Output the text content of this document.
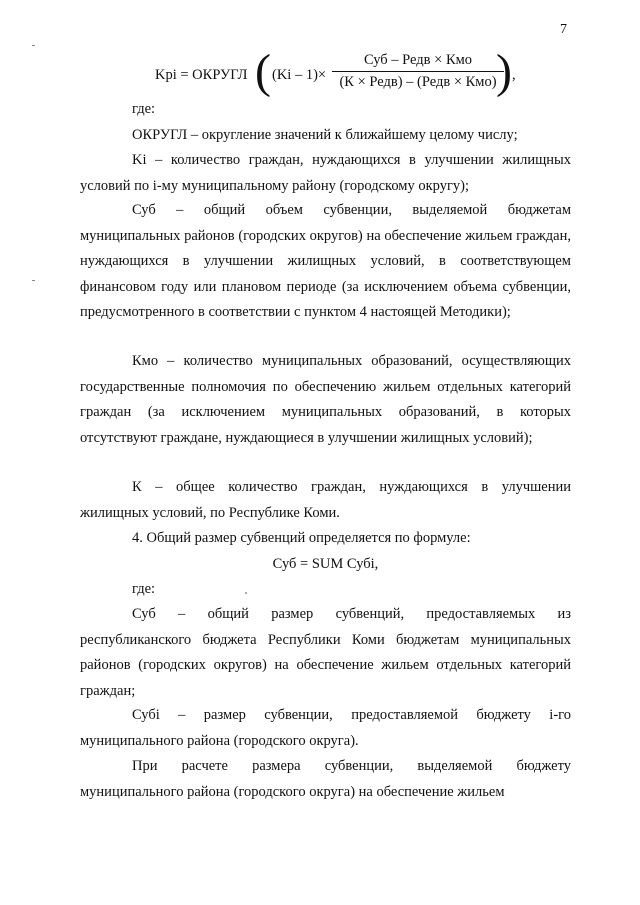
7
Kpi = ОКРУГЛ ( (Ki – 1)×
Суб – Редв × Кмо
(К × Редв) – (Редв × Кмо) ) ,

где:

ОКРУГЛ – округление значений к ближайшему целому числу;

Ki – количество граждан, нуждающихся в улучшении жилищных условий по i-му муниципальному району (городскому округу);

Суб – общий объем субвенции, выделяемой бюджетам муниципальных районов (городских округов) на обеспечение жильем граждан, нуждающихся в улучшении жилищных условий, в соответствующем финансовом году или плановом периоде (за исключением объема субвенции, предусмотренного в соответствии с пунктом 4 настоящей Методики);

Кмо – количество муниципальных образований, осуществляющих государственные полномочия по обеспечению жильем отдельных категорий граждан (за исключением муниципальных образований, в которых отсутствуют граждане, нуждающиеся в улучшении жилищных условий);

К – общее количество граждан, нуждающихся в улучшении жилищных условий, по Республике Коми.

4. Общий размер субвенций определяется по формуле:

Суб = SUM Субi,

где:

Суб – общий размер субвенций, предоставляемых из республиканского бюджета Республики Коми бюджетам муниципальных районов (городских округов) на обеспечение жильем отдельных категорий граждан;

Субi – размер субвенции, предоставляемой бюджету i-го муниципального района (городского округа).

При расчете размера субвенции, выделяемой бюджету муниципального района (городского округа) на обеспечение жильем
